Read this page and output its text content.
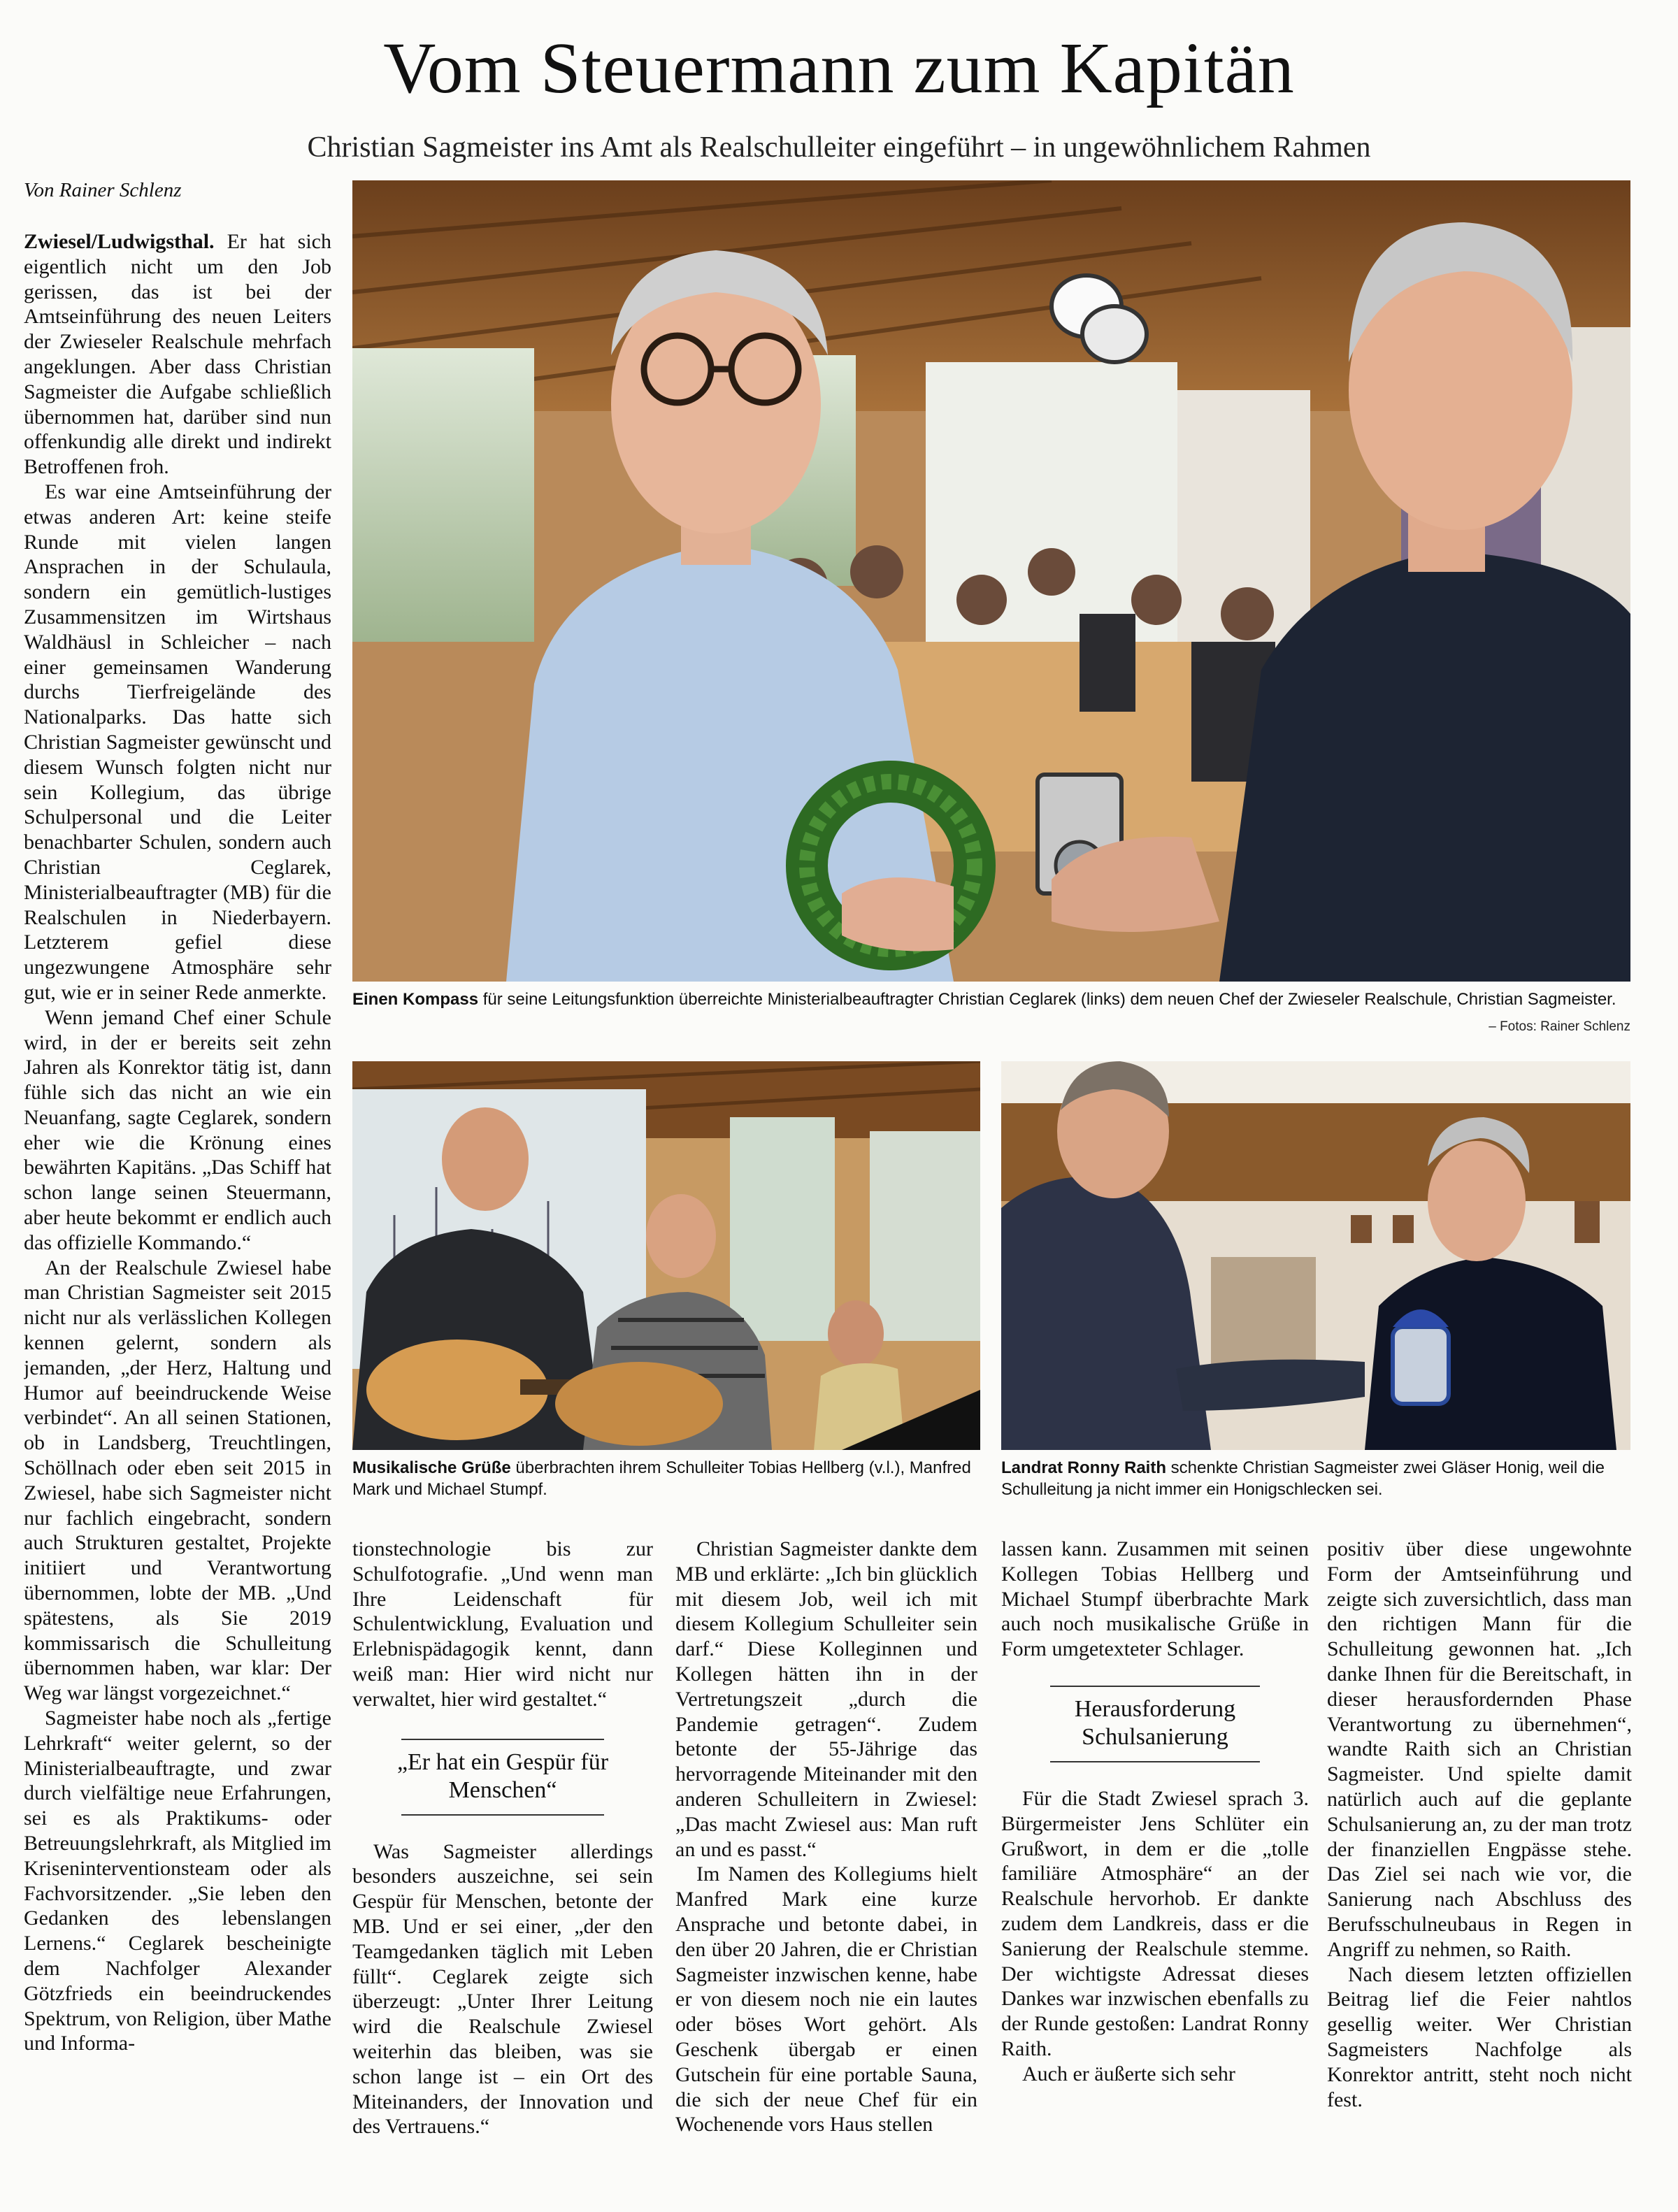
Vom Steuermann zum Kapitän
Christian Sagmeister ins Amt als Realschulleiter eingeführt – in ungewöhnlichem Rahmen
Von Rainer Schlenz
Einen Kompass für seine Leitungsfunktion überreichte Ministerialbeauftragter Christian Ceglarek (links) dem neuen Chef der Zwieseler Realschule, Christian Sagmeister.
– Fotos: Rainer Schlenz
Musikalische Grüße überbrachten ihrem Schulleiter Tobias Hellberg (v.l.), Manfred Mark und Michael Stumpf.
Landrat Ronny Raith schenkte Christian Sagmeister zwei Gläser Honig, weil die Schulleitung ja nicht immer ein Honigschlecken sei.

Zwiesel/Ludwigsthal. Er hat sich eigentlich nicht um den Job gerissen, das ist bei der Amtseinführung des neuen Leiters der Zwieseler Realschule mehrfach angeklungen. Aber dass Christian Sagmeister die Aufgabe schließlich übernommen hat, darüber sind nun offenkundig alle direkt und indirekt Betroffenen froh.

Es war eine Amtseinführung der etwas anderen Art: keine steife Runde mit vielen langen Ansprachen in der Schulaula, sondern ein gemütlich-lustiges Zusammensitzen im Wirtshaus Waldhäusl in Schleicher – nach einer gemeinsamen Wanderung durchs Tierfreigelände des Nationalparks. Das hatte sich Christian Sagmeister gewünscht und diesem Wunsch folgten nicht nur sein Kollegium, das übrige Schulpersonal und die Leiter benachbarter Schulen, sondern auch Christian Ceglarek, Ministerialbeauftragter (MB) für die Realschulen in Niederbayern. Letzterem gefiel diese ungezwungene Atmosphäre sehr gut, wie er in seiner Rede anmerkte.

Wenn jemand Chef einer Schule wird, in der er bereits seit zehn Jahren als Konrektor tätig ist, dann fühle sich das nicht an wie ein Neuanfang, sagte Ceglarek, sondern eher wie die Krönung eines bewährten Kapitäns. „Das Schiff hat schon lange seinen Steuermann, aber heute bekommt er endlich auch das offizielle Kommando.“

An der Realschule Zwiesel habe man Christian Sagmeister seit 2015 nicht nur als verlässlichen Kollegen kennen gelernt, sondern als jemanden, „der Herz, Haltung und Humor auf beeindruckende Weise verbindet“. An all seinen Stationen, ob in Landsberg, Treuchtlingen, Schöllnach oder eben seit 2015 in Zwiesel, habe sich Sagmeister nicht nur fachlich eingebracht, sondern auch Strukturen gestaltet, Projekte initiiert und Verantwortung übernommen, lobte der MB. „Und spätestens, als Sie 2019 kommissarisch die Schulleitung übernommen haben, war klar: Der Weg war längst vorgezeichnet.“

Sagmeister habe noch als „fertige Lehrkraft“ weiter gelernt, so der Ministerialbeauftragte, und zwar durch vielfältige neue Erfahrungen, sei es als Praktikums- oder Betreuungslehrkraft, als Mitglied im Kriseninterventionsteam oder als Fachvorsitzender. „Sie leben den Gedanken des lebenslangen Lernens.“ Ceglarek bescheinigte dem Nachfolger Alexander Götzfrieds ein beeindruckendes Spektrum, von Religion, über Mathe und Informa-

tionstechnologie bis zur Schulfotografie. „Und wenn man Ihre Leidenschaft für Schulentwicklung, Evaluation und Erlebnispädagogik kennt, dann weiß man: Hier wird nicht nur verwaltet, hier wird gestaltet.“

„Er hat ein Gespür für Menschen“

Was Sagmeister allerdings besonders auszeichne, sei sein Gespür für Menschen, betonte der MB. Und er sei einer, „der den Teamgedanken täglich mit Leben füllt“. Ceglarek zeigte sich überzeugt: „Unter Ihrer Leitung wird die Realschule Zwiesel weiterhin das bleiben, was sie schon lange ist – ein Ort des Miteinanders, der Innovation und des Vertrauens.“

Christian Sagmeister dankte dem MB und erklärte: „Ich bin glücklich mit diesem Job, weil ich mit diesem Kollegium Schulleiter sein darf.“ Diese Kolleginnen und Kollegen hätten ihn in der Vertretungszeit „durch die Pandemie getragen“. Zudem betonte der 55-Jährige das hervorragende Miteinander mit den anderen Schulleitern in Zwiesel: „Das macht Zwiesel aus: Man ruft an und es passt.“

Im Namen des Kollegiums hielt Manfred Mark eine kurze Ansprache und betonte dabei, in den über 20 Jahren, die er Christian Sagmeister inzwischen kenne, habe er von diesem noch nie ein lautes oder böses Wort gehört. Als Geschenk übergab er einen Gutschein für eine portable Sauna, die sich der neue Chef für ein Wochenende vors Haus stellen

lassen kann. Zusammen mit seinen Kollegen Tobias Hellberg und Michael Stumpf überbrachte Mark auch noch musikalische Grüße in Form umgetexteter Schlager.

Herausforderung Schulsanierung

Für die Stadt Zwiesel sprach 3. Bürgermeister Jens Schlüter ein Grußwort, in dem er die „tolle familiäre Atmosphäre“ an der Realschule hervorhob. Er dankte zudem dem Landkreis, dass er die Sanierung der Realschule stemme. Der wichtigste Adressat dieses Dankes war inzwischen ebenfalls zu der Runde gestoßen: Landrat Ronny Raith.

Auch er äußerte sich sehr

positiv über diese ungewohnte Form der Amtseinführung und zeigte sich zuversichtlich, dass man den richtigen Mann für die Schulleitung gewonnen hat. „Ich danke Ihnen für die Bereitschaft, in dieser herausfordernden Phase Verantwortung zu übernehmen“, wandte Raith sich an Christian Sagmeister. Und spielte damit natürlich auch auf die geplante Schulsanierung an, zu der man trotz der finanziellen Engpässe stehe. Das Ziel sei nach wie vor, die Sanierung nach Abschluss des Berufsschulneubaus in Regen in Angriff zu nehmen, so Raith.

Nach diesem letzten offiziellen Beitrag lief die Feier nahtlos gesellig weiter. Wer Christian Sagmeisters Nachfolge als Konrektor antritt, steht noch nicht fest.
